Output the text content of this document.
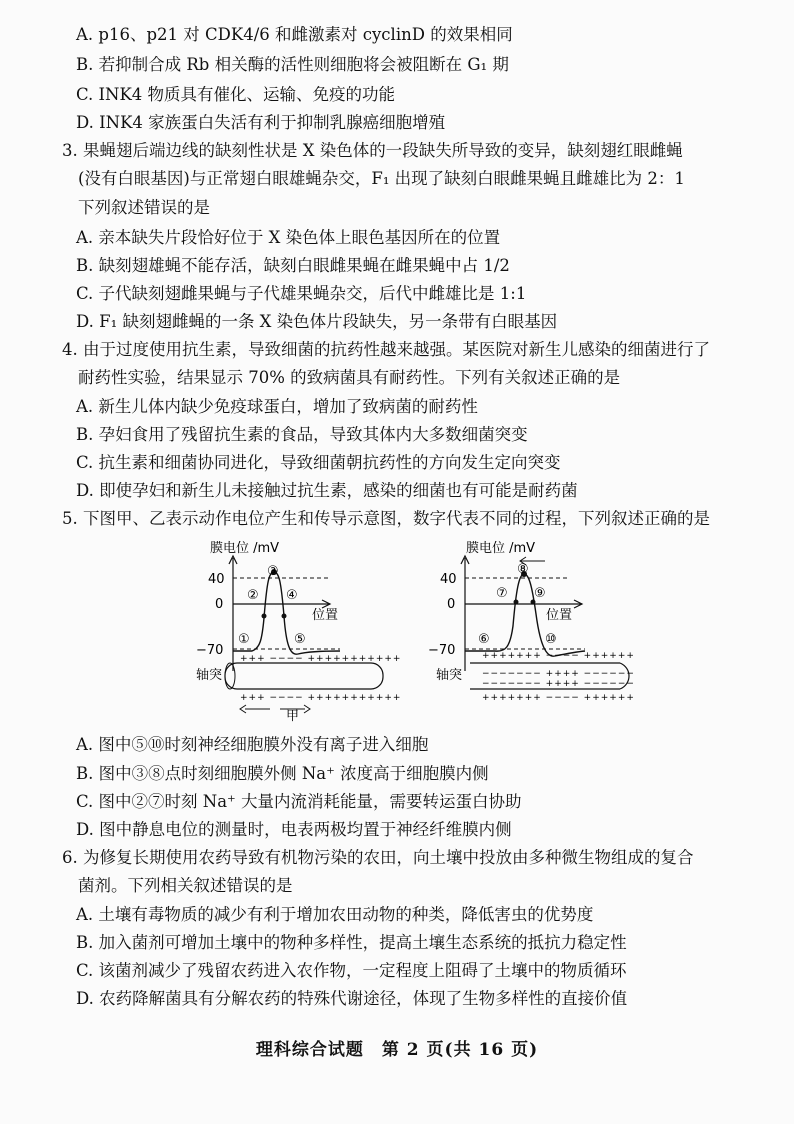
A. p16、p21 对 CDK4/6 和雌激素对 cyclinD 的效果相同
B. 若抑制合成 Rb 相关酶的活性则细胞将会被阻断在 G₁ 期
C. INK4 物质具有催化、运输、免疫的功能
D. INK4 家族蛋白失活有利于抑制乳腺癌细胞增殖
3. 果蝇翅后端边线的缺刻性状是 X 染色体的一段缺失所导致的变异，缺刻翅红眼雌蝇
(没有白眼基因)与正常翅白眼雄蝇杂交，F₁ 出现了缺刻白眼雌果蝇且雌雄比为 2：1
下列叙述错误的是
A. 亲本缺失片段恰好位于 X 染色体上眼色基因所在的位置
B. 缺刻翅雄蝇不能存活，缺刻白眼雌果蝇在雌果蝇中占 1/2
C. 子代缺刻翅雌果蝇与子代雄果蝇杂交，后代中雌雄比是 1:1
D. F₁ 缺刻翅雌蝇的一条 X 染色体片段缺失，另一条带有白眼基因
4. 由于过度使用抗生素，导致细菌的抗药性越来越强。某医院对新生儿感染的细菌进行了
耐药性实验，结果显示 70% 的致病菌具有耐药性。下列有关叙述正确的是
A. 新生儿体内缺少免疫球蛋白，增加了致病菌的耐药性
B. 孕妇食用了残留抗生素的食品，导致其体内大多数细菌突变
C. 抗生素和细菌协同进化，导致细菌朝抗药性的方向发生定向突变
D. 即使孕妇和新生儿未接触过抗生素，感染的细菌也有可能是耐药菌
5. 下图甲、乙表示动作电位产生和传导示意图，数字代表不同的过程，下列叙述正确的是
膜电位 /mV
40
0
−70
位置
①
②
③
④
⑤
轴突
+++ −−−− +++++++++++
+++ −−−− +++++++++++
甲
膜电位 /mV
40
0
−70
位置
⑥
⑦
⑧
⑨
⑩
轴突
+++++++ −−−− ++++++
−−−−−−− ++++ −−−−−−
−−−−−−− ++++ −−−−−−
+++++++ −−−− ++++++
A. 图中⑤⑩时刻神经细胞膜外没有离子进入细胞
B. 图中③⑧点时刻细胞膜外侧 Na⁺ 浓度高于细胞膜内侧
C. 图中②⑦时刻 Na⁺ 大量内流消耗能量，需要转运蛋白协助
D. 图中静息电位的测量时，电表两极均置于神经纤维膜内侧
6. 为修复长期使用农药导致有机物污染的农田，向土壤中投放由多种微生物组成的复合
菌剂。下列相关叙述错误的是
A. 土壤有毒物质的减少有利于增加农田动物的种类，降低害虫的优势度
B. 加入菌剂可增加土壤中的物种多样性，提高土壤生态系统的抵抗力稳定性
C. 该菌剂减少了残留农药进入农作物，一定程度上阻碍了土壤中的物质循环
D. 农药降解菌具有分解农药的特殊代谢途径，体现了生物多样性的直接价值
理科综合试题　第 2 页(共 16 页)
